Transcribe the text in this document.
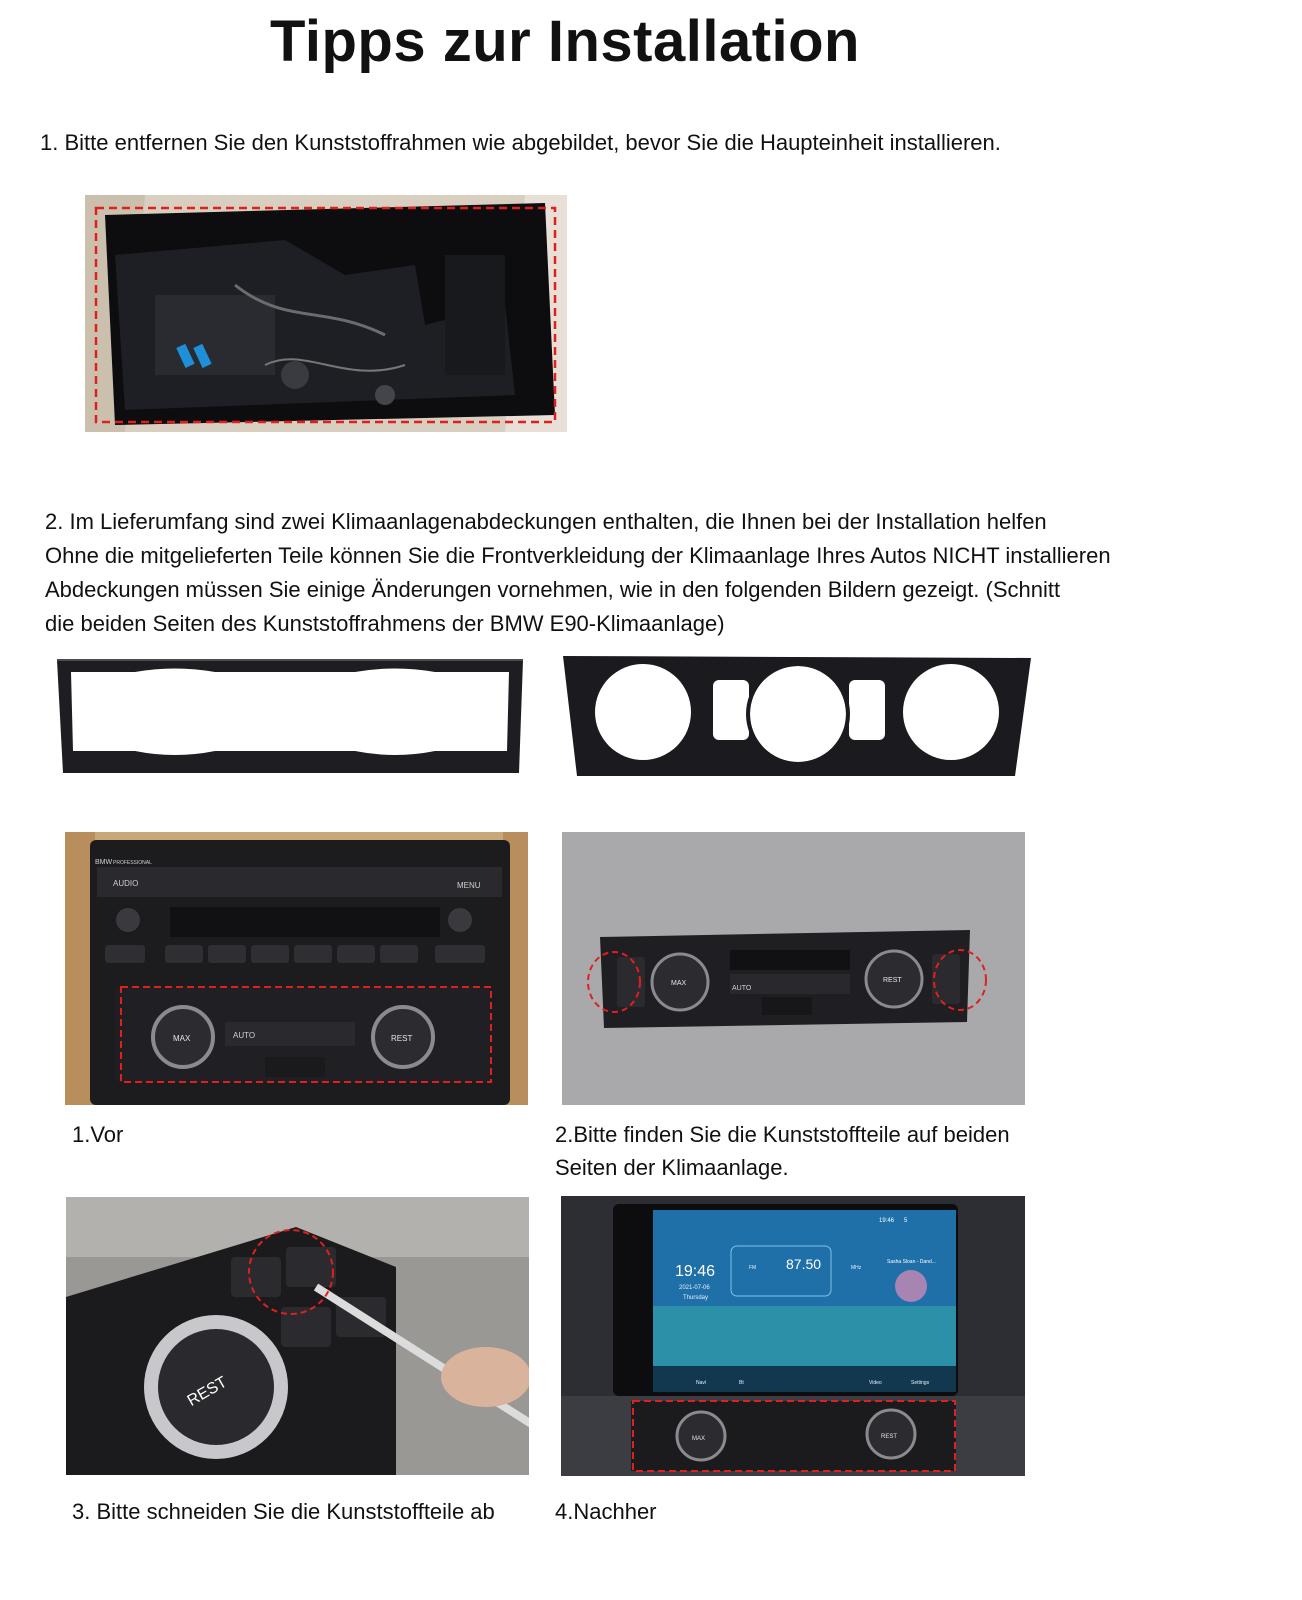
Tipps zur Installation
1. Bitte entfernen Sie den Kunststoffrahmen wie abgebildet, bevor Sie die Haupteinheit installieren.
2. Im Lieferumfang sind zwei Klimaanlagenabdeckungen enthalten, die Ihnen bei der Installation helfen
Ohne die mitgelieferten Teile können Sie die Frontverkleidung der Klimaanlage Ihres Autos NICHT installieren
Abdeckungen müssen Sie einige Änderungen vornehmen, wie in den folgenden Bildern gezeigt. (Schnitt
die beiden Seiten des Kunststoffrahmens der BMW E90-Klimaanlage)
BMW PROFESSIONAL
AUDIO	MENU
MAX	AUTO	REST
MAX
AUTO
REST
1.Vor	2.Bitte finden Sie die Kunststoffteile auf beiden
Seiten der Klimaanlage.
REST
19:46
2021-07-06
Thursday
FM 87.50	MHz
19:46 5
Sasha Sloan - Dand...
Navi	Bt	Video	Settings
MAX	REST
3. Bitte schneiden Sie die Kunststoffteile ab	4.Nachher
